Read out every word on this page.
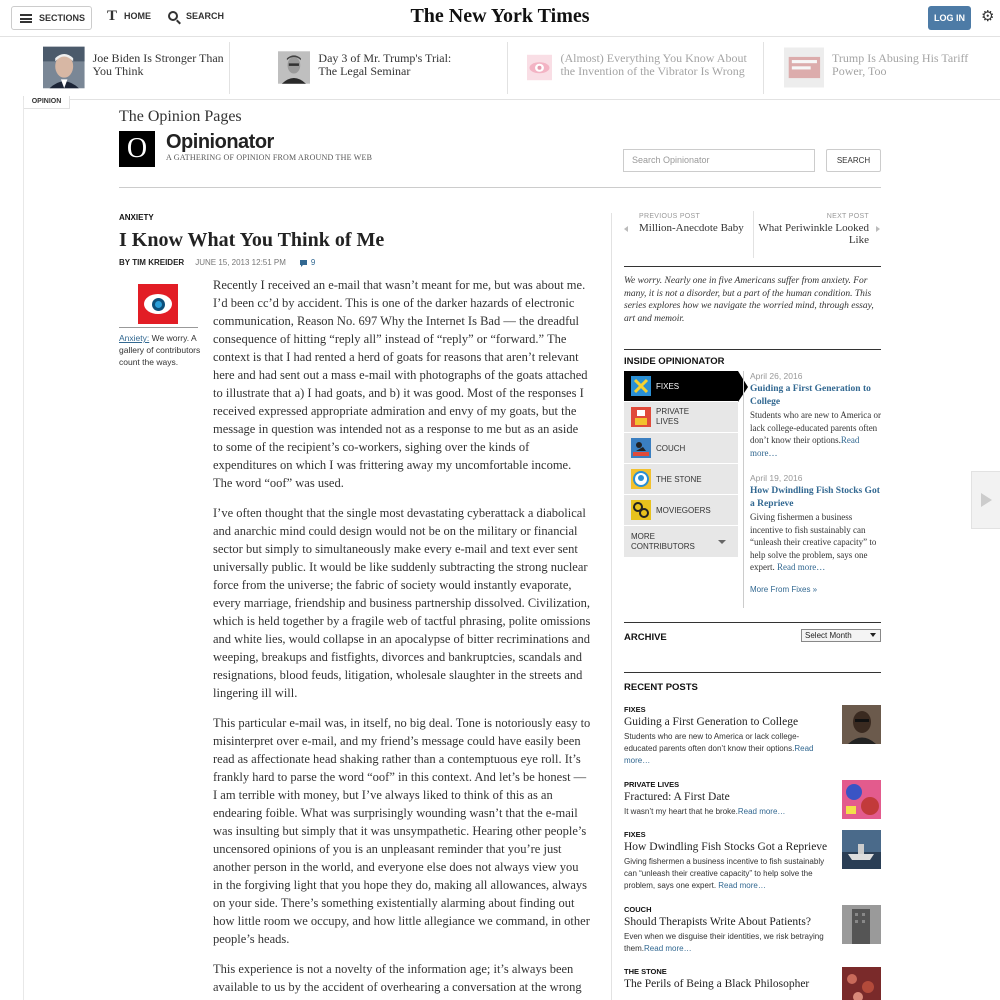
SECTIONS T HOME	SEARCH	The New York Times	LOG IN	⚙
Joe Biden Is Stronger Than You Think
Day 3 of Mr. Trump's Trial: The Legal Seminar
(Almost) Everything You Know About the Invention of the Vibrator Is Wrong
Trump Is Abusing His Tariff Power, Too
OPINION
The Opinion Pages
O Opinionator
A GATHERING OF OPINION FROM AROUND THE WEB	Search Opinionator	SEARCH
ANXIETY
I Know What You Think of Me
BY TIM KREIDER JUNE 15, 2013 12:51 PM	9
Anxiety: We worry. A gallery of contributors count the ways.

Recently I received an e-mail that wasn’t meant for me, but was about me. I’d been cc’d by accident. This is one of the darker hazards of electronic communication, Reason No. 697 Why the Internet Is Bad — the dreadful consequence of hitting “reply all” instead of “reply” or “forward.” The context is that I had rented a herd of goats for reasons that aren’t relevant here and had sent out a mass e-mail with photographs of the goats attached to illustrate that a) I had goats, and b) it was good. Most of the responses I received expressed appropriate admiration and envy of my goats, but the message in question was intended not as a response to me but as an aside to some of the recipient’s co-workers, sighing over the kinds of expenditures on which I was frittering away my uncomfortable income. The word “oof” was used.

I’ve often thought that the single most devastating cyberattack a diabolical and anarchic mind could design would not be on the military or financial sector but simply to simultaneously make every e-mail and text ever sent universally public. It would be like suddenly subtracting the strong nuclear force from the universe; the fabric of society would instantly evaporate, every marriage, friendship and business partnership dissolved. Civilization, which is held together by a fragile web of tactful phrasing, polite omissions and white lies, would collapse in an apocalypse of bitter recriminations and weeping, breakups and fistfights, divorces and bankruptcies, scandals and resignations, blood feuds, litigation, wholesale slaughter in the streets and lingering ill will.

This particular e-mail was, in itself, no big deal. Tone is notoriously easy to misinterpret over e-mail, and my friend’s message could have easily been read as affectionate head shaking rather than a contemptuous eye roll. It’s frankly hard to parse the word “oof” in this context. And let’s be honest — I am terrible with money, but I’ve always liked to think of this as an endearing foible. What was surprisingly wounding wasn’t that the e-mail was insulting but simply that it was unsympathetic. Hearing other people’s uncensored opinions of you is an unpleasant reminder that you’re just another person in the world, and everyone else does not always view you in the forgiving light that you hope they do, making all allowances, always on your side. There’s something existentially alarming about finding out how little room we occupy, and how little allegiance we command, in other people’s heads.

This experience is not a novelty of the information age; it’s always been available to us by the accident of overhearing a conversation at the wrong

PREVIOUS POST
Million-Anecdote Baby
NEXT POST
What Periwinkle Looked Like
We worry. Nearly one in five Americans suffer from anxiety. For many, it is not a disorder, but a part of the human condition. This series explores how we navigate the worried mind, through essay, art and memoir.
INSIDE OPINIONATOR
FIXES
PRIVATE LIVES
COUCH
THE STONE
MOVIEGOERS
MORE CONTRIBUTORS
April 26, 2016
Guiding a First Generation to College
Students who are new to America or lack college-educated parents often don’t know their options.Read more…
April 19, 2016
How Dwindling Fish Stocks Got a Reprieve
Giving fishermen a business incentive to fish sustainably can “unleash their creative capacity” to help solve the problem, says one expert. Read more…
More From Fixes »
ARCHIVE	Select Month
RECENT POSTS
FIXES
Guiding a First Generation to College
Students who are new to America or lack college-educated parents often don’t know their options.Read more…
PRIVATE LIVES
Fractured: A First Date
It wasn’t my heart that he broke.Read more…
FIXES
How Dwindling Fish Stocks Got a Reprieve
Giving fishermen a business incentive to fish sustainably can “unleash their creative capacity” to help solve the problem, says one expert. Read more…
COUCH
Should Therapists Write About Patients?
Even when we disguise their identities, we risk betraying them.Read more…
THE STONE
The Perils of Being a Black Philosopher
